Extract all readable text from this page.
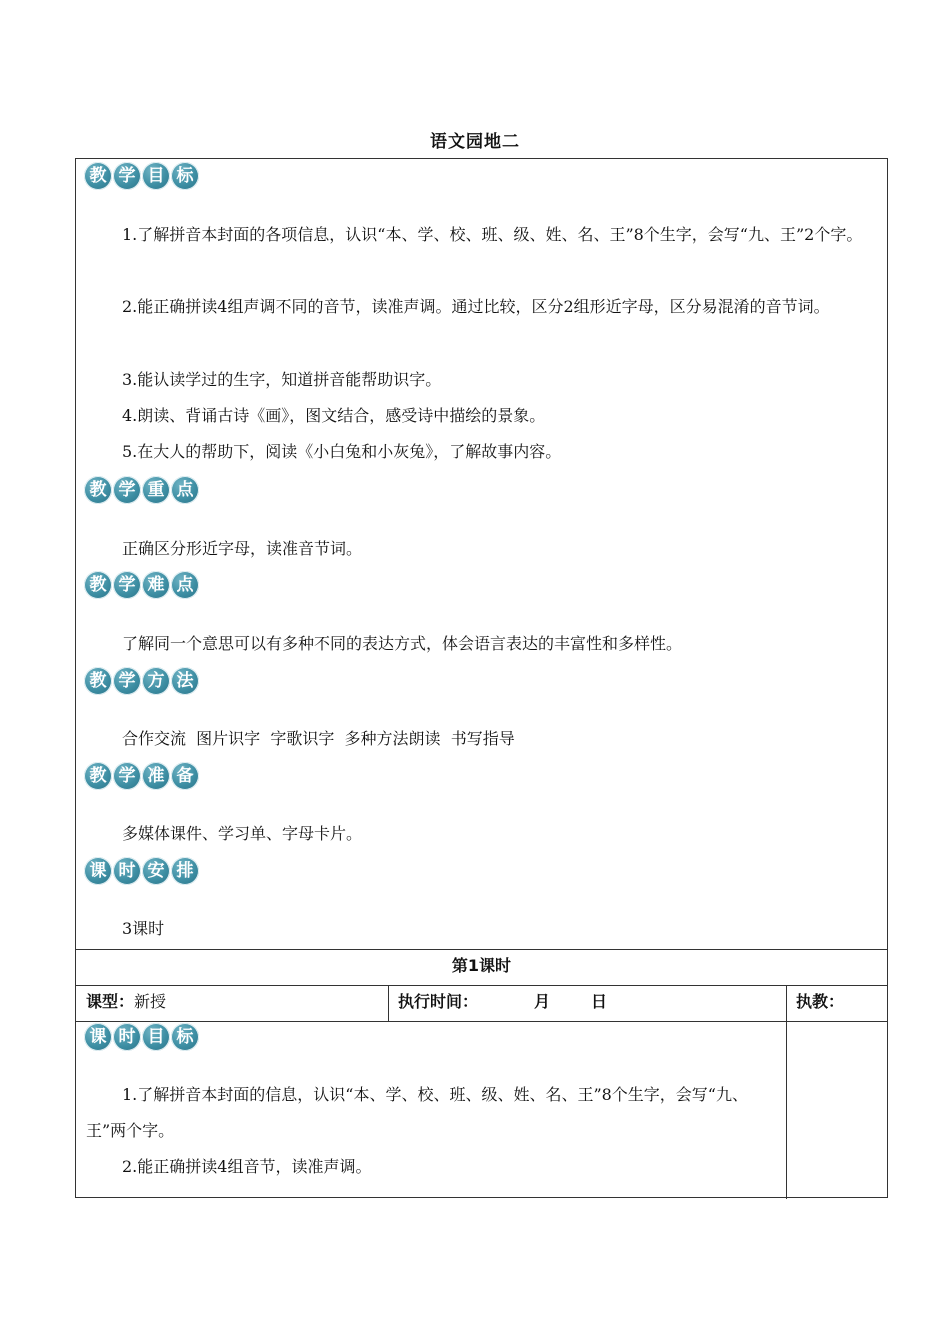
语文园地二
教 学 目 标
1.了解拼音本封面的各项信息，认识“本、学、校、班、级、姓、名、王”8个生字，会写“九、王”2个字。
2.能正确拼读4组声调不同的音节，读准声调。通过比较，区分2组形近字母，区分易混淆的音节词。
3.能认读学过的生字，知道拼音能帮助识字。
4.朗读、背诵古诗《画》，图文结合，感受诗中描绘的景象。
5.在大人的帮助下，阅读《小白兔和小灰兔》，了解故事内容。
教 学 重 点
正确区分形近字母，读准音节词。
教 学 难 点
了解同一个意思可以有多种不同的表达方式，体会语言表达的丰富性和多样性。
教 学 方 法
合作交流  图片识字  字歌识字  多种方法朗读  书写指导
教 学 准 备
多媒体课件、学习单、字母卡片。
课 时 安 排
3课时
第1课时
课型：新授	执行时间：	月	日	执教：
课 时 目 标
1.了解拼音本封面的信息，认识“本、学、校、班、级、姓、名、王”8个生字，会写“九、王”两个字。
2.能正确拼读4组音节，读准声调。
